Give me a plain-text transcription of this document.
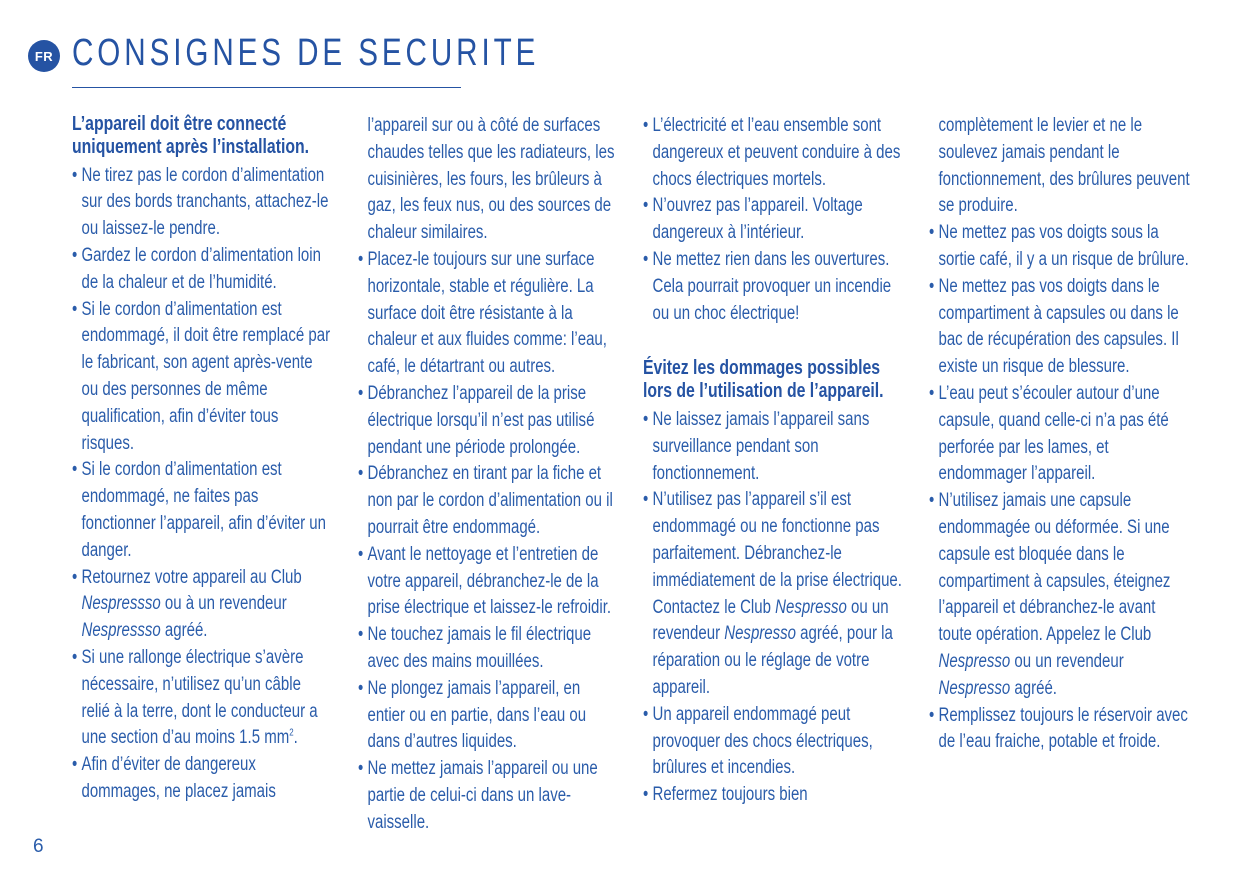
FR CONSIGNES DE SECURITE
L’appareil doit être connecté uniquement après l’installation.
• Ne tirez pas le cordon d’alimentation sur des bords tranchants, attachez-le ou laissez-le pendre.
• Gardez le cordon d’alimentation loin de la chaleur et de l’humidité.
• Si le cordon d’alimentation est endommagé, il doit être remplacé par le fabricant, son agent après-vente ou des personnes de même qualification, afin d’éviter tous risques.
• Si le cordon d’alimentation est endommagé, ne faites pas fonctionner l’appareil, afin d’éviter un danger.
• Retournez votre appareil au Club Nespressso ou à un revendeur Nespressso agréé.
• Si une rallonge électrique s’avère nécessaire, n’utilisez qu’un câble relié à la terre, dont le conducteur a une section d’au moins 1.5 $mm^2$.
• Afin d’éviter de dangereux dommages, ne placez jamais
l’appareil sur ou à côté de surfaces chaudes telles que les radiateurs, les cuisinières, les fours, les brûleurs à gaz, les feux nus, ou des sources de chaleur similaires.
• Placez-le toujours sur une surface horizontale, stable et régulière. La surface doit être résistante à la chaleur et aux fluides comme: l’eau, café, le détartrant ou autres.
• Débranchez l’appareil de la prise électrique lorsqu’il n’est pas utilisé pendant une période prolongée.
• Débranchez en tirant par la fiche et non par le cordon d’alimentation ou il pourrait être endommagé.
• Avant le nettoyage et l’entretien de votre appareil, débranchez-le de la prise électrique et laissez-le refroidir.
• Ne touchez jamais le fil électrique avec des mains mouillées.
• Ne plongez jamais l’appareil, en entier ou en partie, dans l’eau ou dans d’autres liquides.
• Ne mettez jamais l’appareil ou une partie de celui-ci dans un lave-vaisselle.
• L’électricité et l’eau ensemble sont dangereux et peuvent conduire à des chocs électriques mortels.
• N’ouvrez pas l’appareil. Voltage dangereux à l’intérieur.
• Ne mettez rien dans les ouvertures. Cela pourrait provoquer un incendie ou un choc électrique!
Évitez les dommages possibles lors de l’utilisation de l’appareil.
• Ne laissez jamais l’appareil sans surveillance pendant son fonctionnement.
• N’utilisez pas l’appareil s’il est endommagé ou ne fonctionne pas parfaitement. Débranchez-le immédiatement de la prise électrique. Contactez le Club Nespresso ou un revendeur Nespresso agréé, pour la réparation ou le réglage de votre appareil.
• Un appareil endommagé peut provoquer des chocs électriques, brûlures et incendies.
• Refermez toujours bien
complètement le levier et ne le soulevez jamais pendant le fonctionnement, des brûlures peuvent se produire.
• Ne mettez pas vos doigts sous la sortie café, il y a un risque de brûlure.
• Ne mettez pas vos doigts dans le compartiment à capsules ou dans le bac de récupération des capsules. Il existe un risque de blessure.
• L’eau peut s’écouler autour d’une capsule, quand celle-ci n’a pas été perforée par les lames, et endommager l’appareil.
• N’utilisez jamais une capsule endommagée ou déformée. Si une capsule est bloquée dans le compartiment à capsules, éteignez l’appareil et débranchez-le avant toute opération. Appelez le Club Nespresso ou un revendeur Nespresso agréé.
• Remplissez toujours le réservoir avec de l’eau fraiche, potable et froide.
6
